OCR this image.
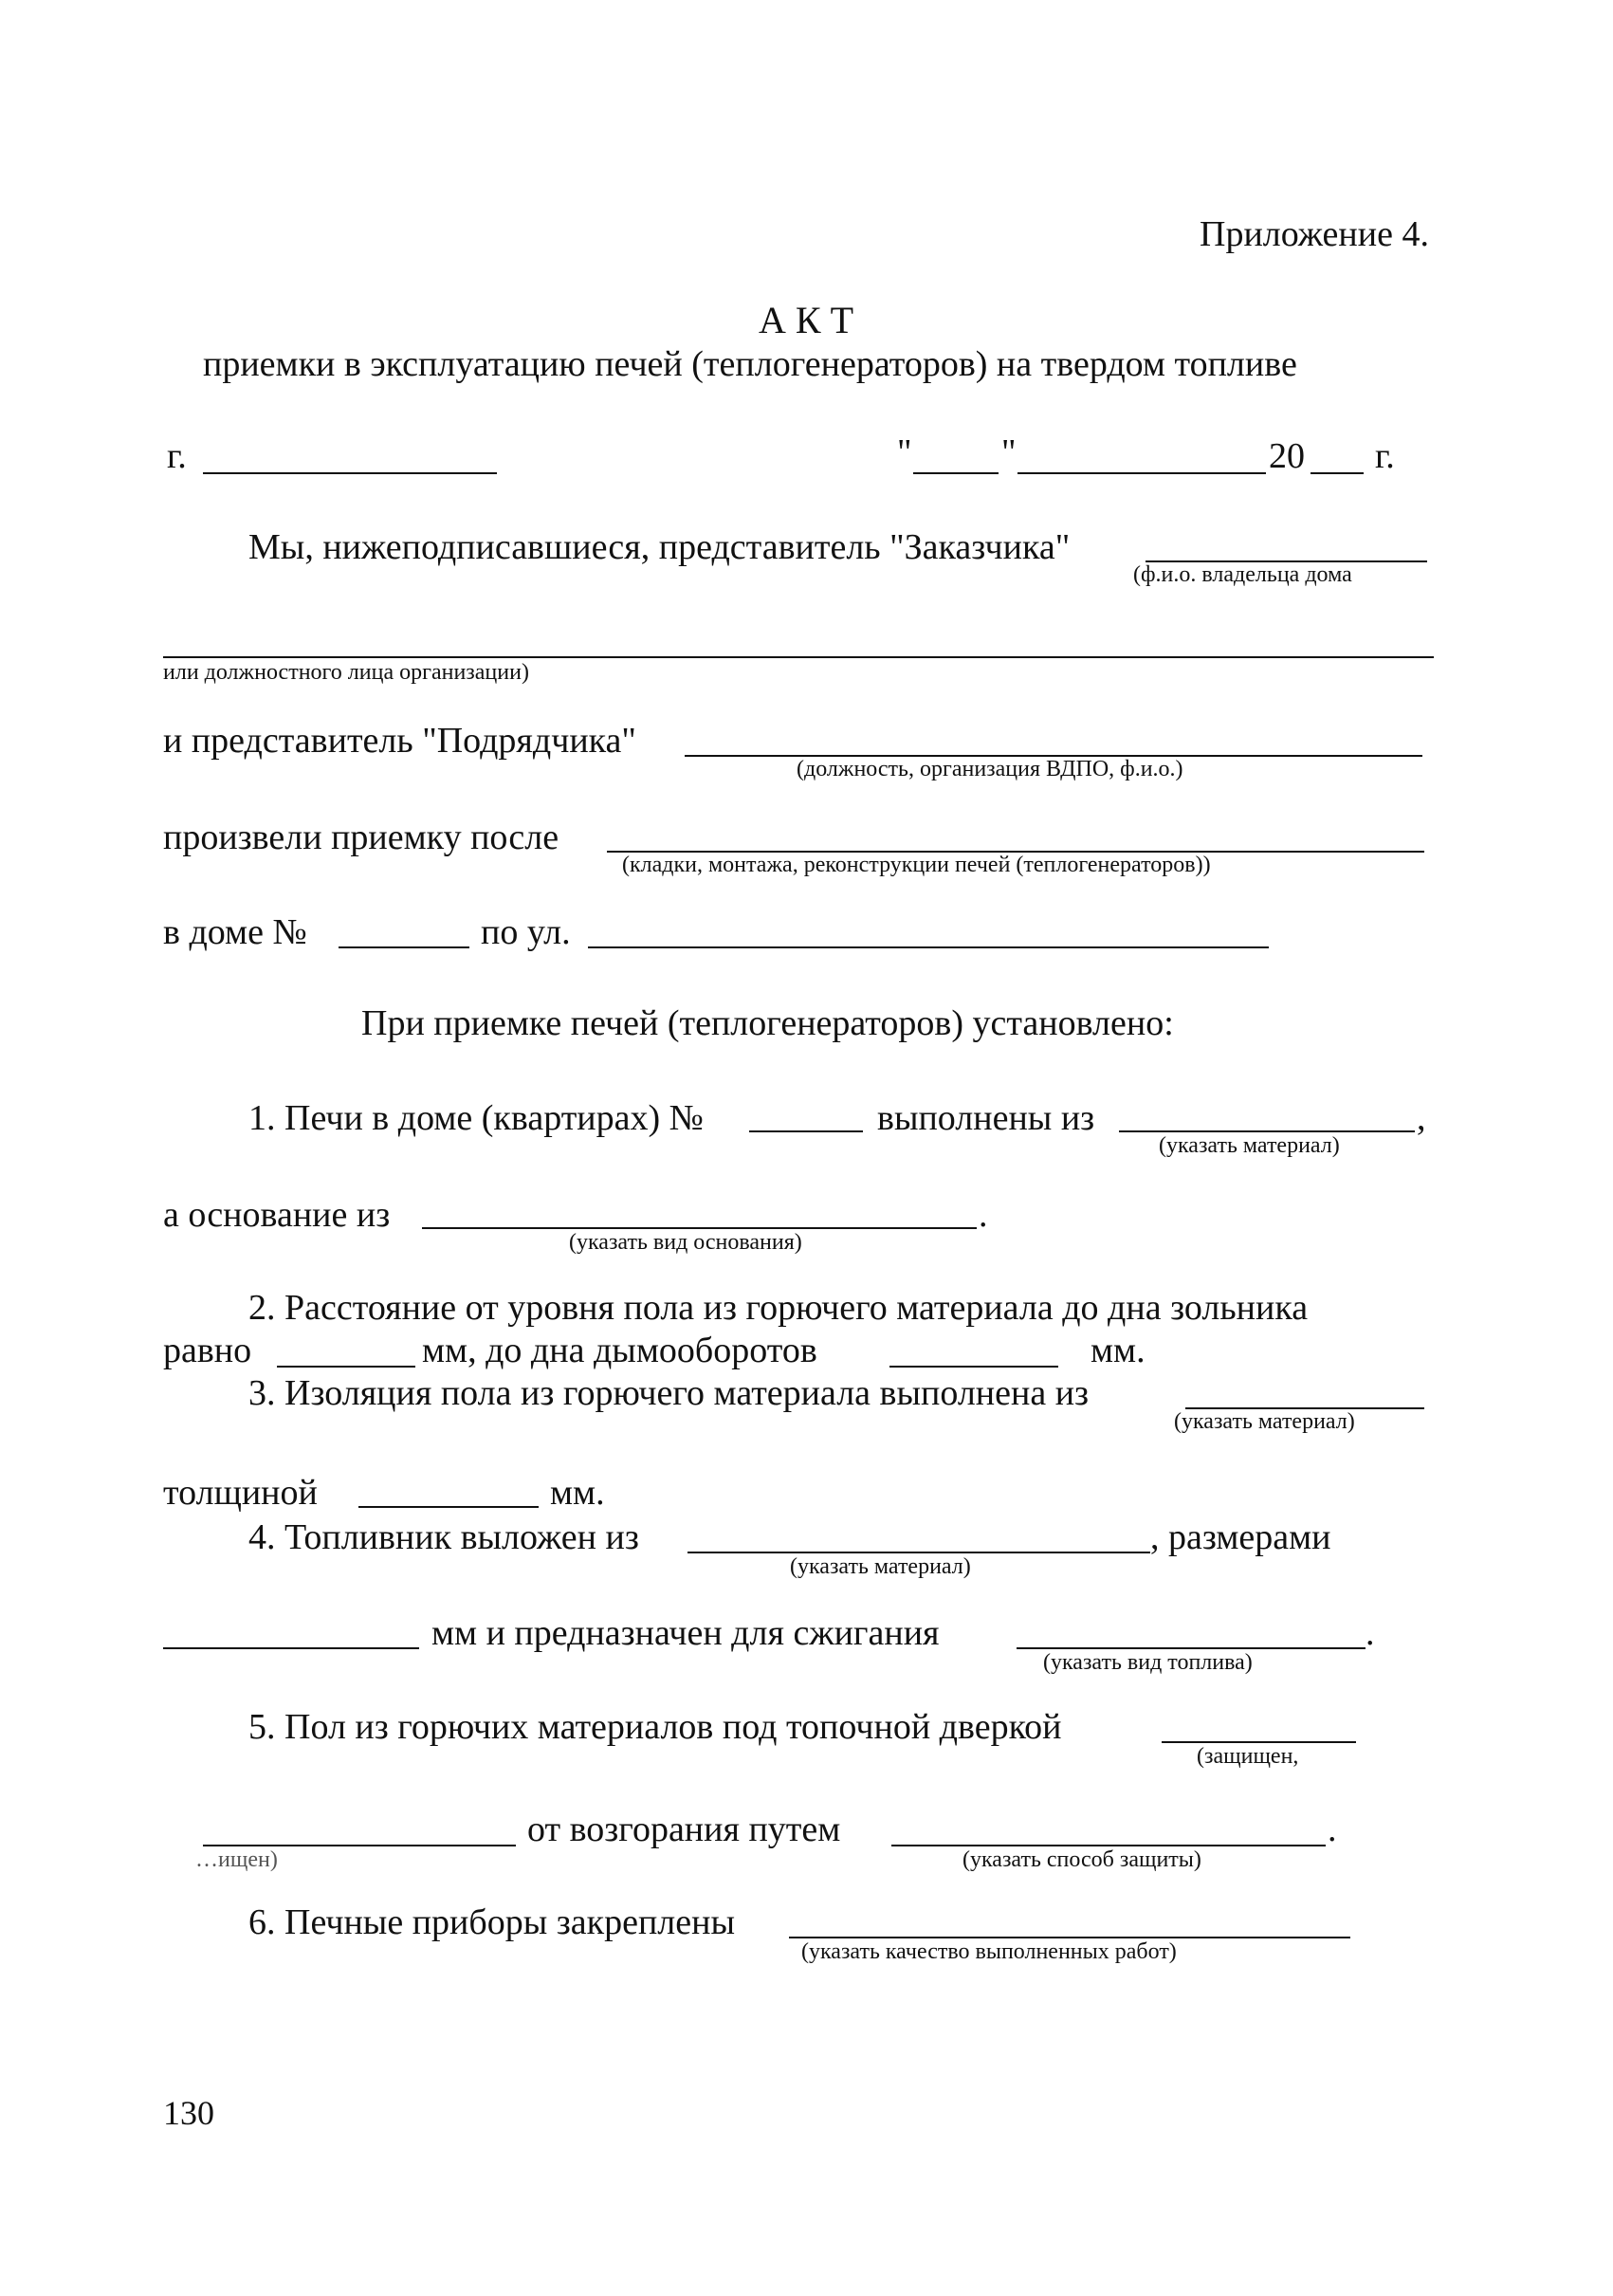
Приложение 4.
А К Т
приемки в эксплуатацию печей (теплогенераторов) на твердом топливе
г.	" "	20 г.
Мы, нижеподписавшиеся, представитель "Заказчика"
(ф.и.о. владельца дома
или должностного лица организации)
и представитель "Подрядчика"
(должность, организация ВДПО, ф.и.о.)
произвели приемку после
(кладки, монтажа, реконструкции печей (теплогенераторов))
в доме №	по ул.
При приемке печей (теплогенераторов) установлено:
1. Печи в доме (квартирах) №	выполнены из	,
(указать материал)
а основание из	.
(указать вид основания)
2. Расстояние от уровня пола из горючего материала до дна зольника
равно	мм, до дна дымооборотов	мм.
3. Изоляция пола из горючего материала выполнена из
(указать материал)
толщиной	мм.
4. Топливник выложен из	, размерами
(указать материал)
мм и предназначен для сжигания	.
(указать вид топлива)
5. Пол из горючих материалов под топочной дверкой
(защищен,
…ищен)
от возгорания путем	.
(указать способ защиты)
6. Печные приборы закреплены
(указать качество выполненных работ)
130
